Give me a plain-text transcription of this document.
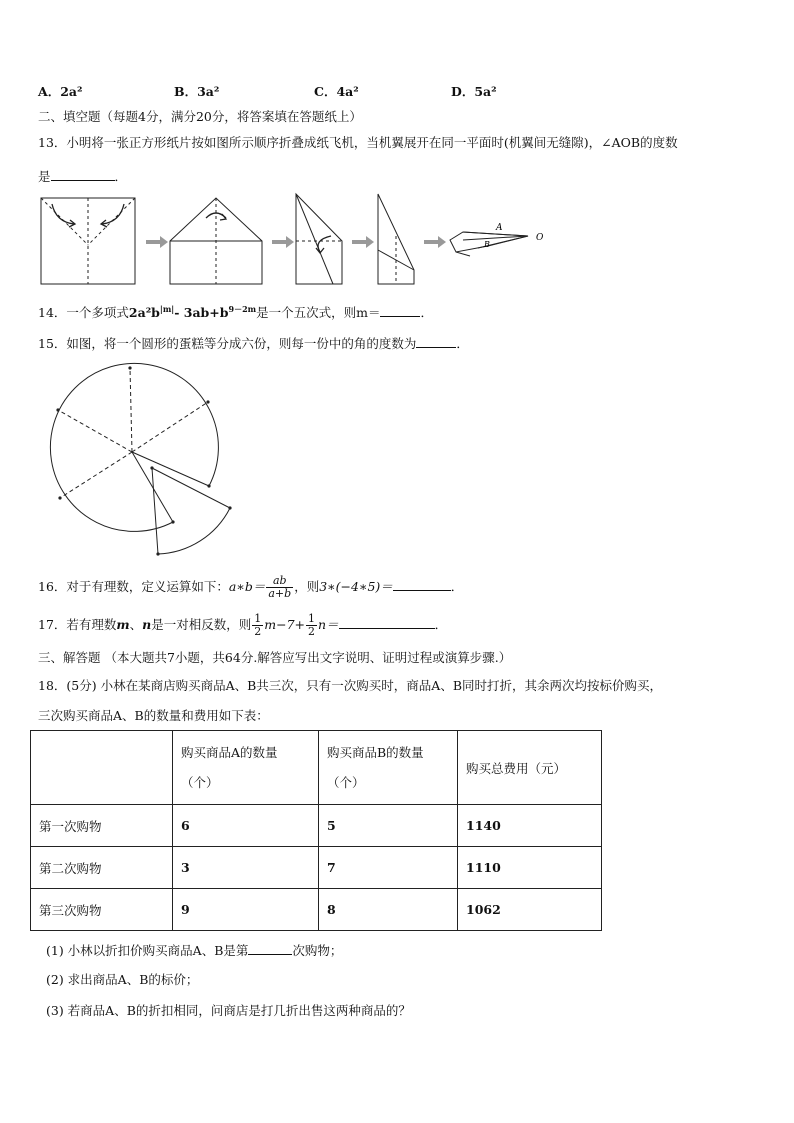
A．2a²	B．3a²	C．4a²	D．5a²
二、填空题（每题4分，满分20分，将答案填在答题纸上）
13．小明将一张正方形纸片按如图所示顺序折叠成纸飞机，当机翼展开在同一平面时(机翼间无缝隙)，∠AOB的度数
是	．
A
B
O
14．一个多项式$2a^2b^{|m|}-$ $3ab+b^{9-2m}$是一个五次式，则m＝	．
15．如图，将一个圆形的蛋糕等分成六份，则每一份中的角的度数为	．
16．对于有理数，定义运算如下：a∗b＝ $\frac{ab}{a+b}$ ，则3∗(−4∗5)＝	．
17．若有理数m、n是一对相反数，则 $\frac{1}{2} m-7+ \frac{1}{2} n=$	．
三、解答题 （本大题共7小题，共64分.解答应写出文字说明、证明过程或演算步骤.）
18．(5分) 小林在某商店购买商品A、B共三次，只有一次购买时，商品A、B同时打折，其余两次均按标价购买，
三次购买商品A、B的数量和费用如下表：

	购买商品A的数量
（个）	购买商品B的数量
（个）	购买总费用（元）
第一次购物	6	5	1140
第二次购物	3	7	1110
第三次购物	9	8	1062
(1) 小林以折扣价购买商品A、B是第	次购物；
(2) 求出商品A、B的标价；
(3) 若商品A、B的折扣相同，问商店是打几折出售这两种商品的？
